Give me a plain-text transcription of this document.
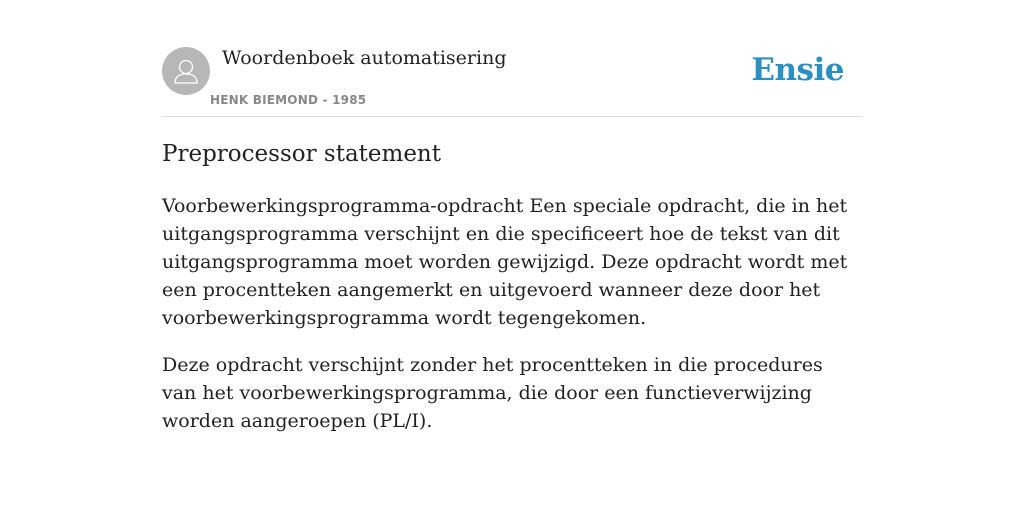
Woordenboek automatisering
HENK BIEMOND - 1985
Ensie
Preprocessor statement

Voorbewerkingsprogramma-opdracht Een speciale opdracht, die in het uitgangsprogramma verschijnt en die specificeert hoe de tekst van dit uitgangsprogramma moet worden gewijzigd. Deze opdracht wordt met een procentteken aangemerkt en uitgevoerd wanneer deze door het voorbewerkingsprogramma wordt tegengekomen.

Deze opdracht verschijnt zonder het procentteken in die procedures van het voorbewerkingsprogramma, die door een functieverwijzing worden aangeroepen (PL/I).
